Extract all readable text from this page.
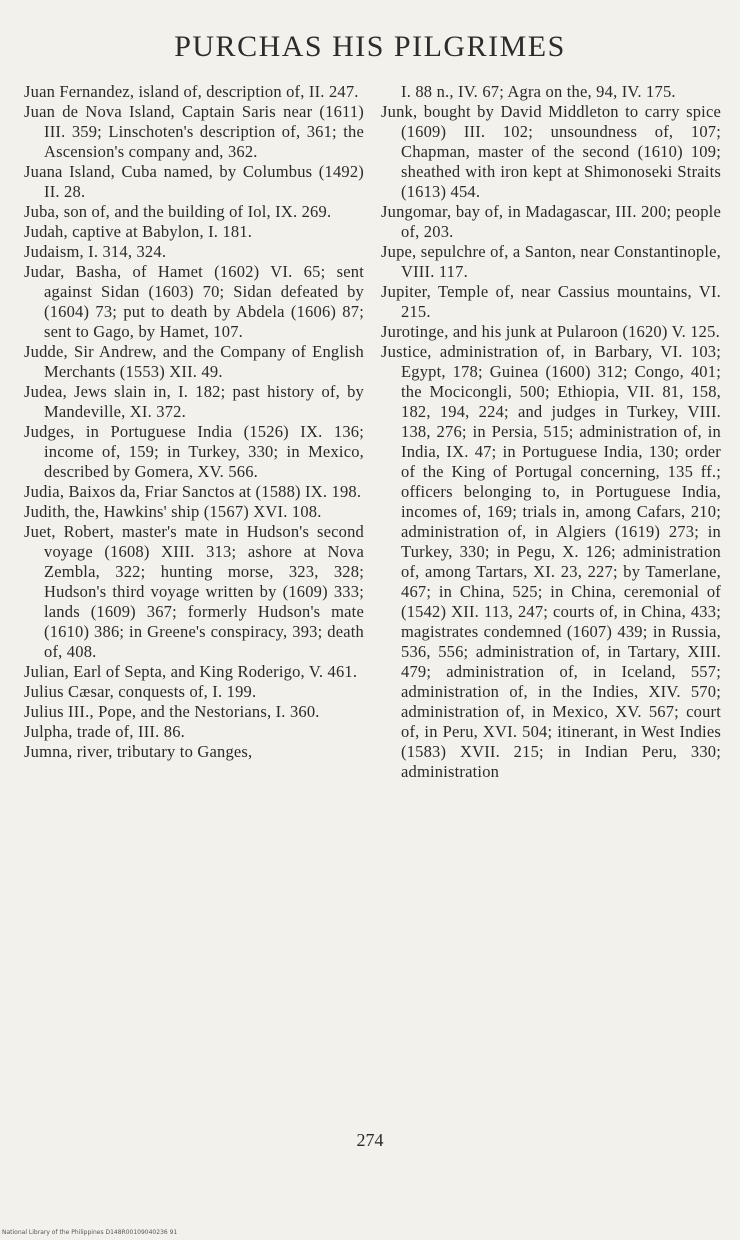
PURCHAS HIS PILGRIMES

Juan Fernandez, island of, description of, II. 247.

Juan de Nova Island, Captain Saris near (1611) III. 359; Linschoten's description of, 361; the Ascension's company and, 362.

Juana Island, Cuba named, by Columbus (1492) II. 28.

Juba, son of, and the building of Iol, IX. 269.

Judah, captive at Babylon, I. 181.

Judaism, I. 314, 324.

Judar, Basha, of Hamet (1602) VI. 65; sent against Sidan (1603) 70; Sidan defeated by (1604) 73; put to death by Abdela (1606) 87; sent to Gago, by Hamet, 107.

Judde, Sir Andrew, and the Company of English Merchants (1553) XII. 49.

Judea, Jews slain in, I. 182; past history of, by Mandeville, XI. 372.

Judges, in Portuguese India (1526) IX. 136; income of, 159; in Turkey, 330; in Mexico, described by Gomera, XV. 566.

Judia, Baixos da, Friar Sanctos at (1588) IX. 198.

Judith, the, Hawkins' ship (1567) XVI. 108.

Juet, Robert, master's mate in Hudson's second voyage (1608) XIII. 313; ashore at Nova Zembla, 322; hunting morse, 323, 328; Hudson's third voyage written by (1609) 333; lands (1609) 367; formerly Hudson's mate (1610) 386; in Greene's conspiracy, 393; death of, 408.

Julian, Earl of Septa, and King Roderigo, V. 461.

Julius Cæsar, conquests of, I. 199.

Julius III., Pope, and the Nestorians, I. 360.

Julpha, trade of, III. 86.

Jumna, river, tributary to Ganges,

I. 88 n., IV. 67; Agra on the, 94, IV. 175.

Junk, bought by David Middleton to carry spice (1609) III. 102; unsoundness of, 107; Chapman, master of the second (1610) 109; sheathed with iron kept at Shimonoseki Straits (1613) 454.

Jungomar, bay of, in Madagascar, III. 200; people of, 203.

Jupe, sepulchre of, a Santon, near Constantinople, VIII. 117.

Jupiter, Temple of, near Cassius mountains, VI. 215.

Jurotinge, and his junk at Pularoon (1620) V. 125.

Justice, administration of, in Barbary, VI. 103; Egypt, 178; Guinea (1600) 312; Congo, 401; the Mocicongli, 500; Ethiopia, VII. 81, 158, 182, 194, 224; and judges in Turkey, VIII. 138, 276; in Persia, 515; administration of, in India, IX. 47; in Portuguese India, 130; order of the King of Portugal concerning, 135 ff.; officers belonging to, in Portuguese India, incomes of, 169; trials in, among Cafars, 210; administration of, in Algiers (1619) 273; in Turkey, 330; in Pegu, X. 126; administration of, among Tartars, XI. 23, 227; by Tamerlane, 467; in China, 525; in China, ceremonial of (1542) XII. 113, 247; courts of, in China, 433; magistrates condemned (1607) 439; in Russia, 536, 556; administration of, in Tartary, XIII. 479; administration of, in Iceland, 557; administration of, in the Indies, XIV. 570; administration of, in Mexico, XV. 567; court of, in Peru, XVI. 504; itinerant, in West Indies (1583) XVII. 215; in Indian Peru, 330; administration

274
National Library of the Philippines D148R00109040236 91
